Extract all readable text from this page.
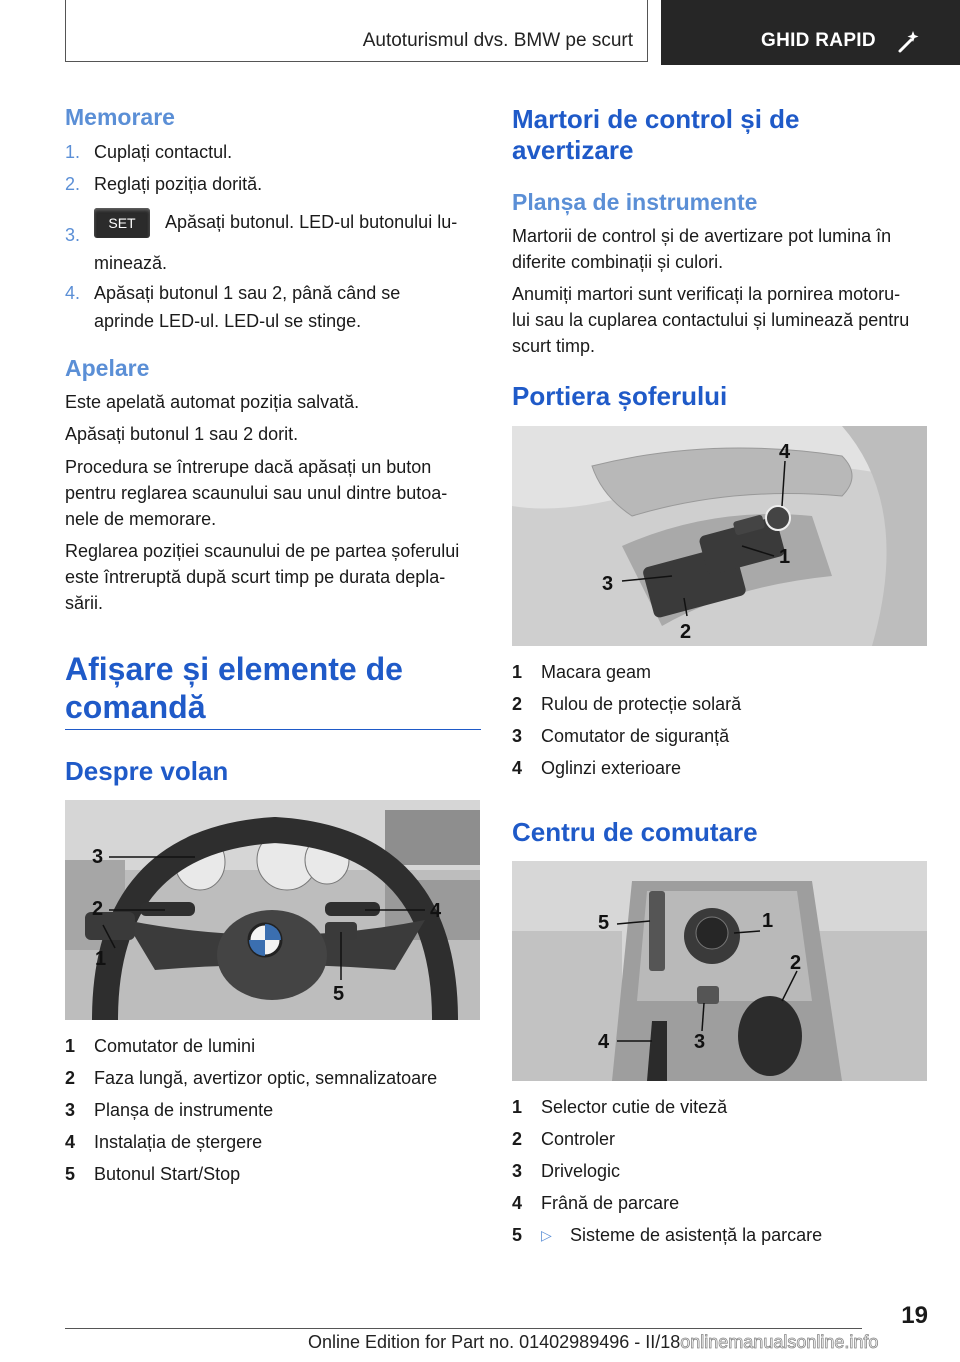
Autoturismul dvs. BMW pe scurt	GHID RAPID
Memorare
1. Cuplați contactul.
2. Reglați poziția dorită.
3.
SET Apăsați butonul. LED-ul butonului lu-
minează.
4. Apăsați butonul 1 sau 2, până când se
aprinde LED-ul. LED-ul se stinge.
Apelare
Este apelată automat poziția salvată.
Apăsați butonul 1 sau 2 dorit.
Procedura se întrerupe dacă apăsați un buton
pentru reglarea scaunului sau unul dintre butoa-
nele de memorare.
Reglarea poziției scaunului de pe partea șoferului
este întreruptă după scurt timp pe durata depla-
sării.
Afișare și elemente de
comandă
Despre volan
3
2
1
4
5
1 Comutator de lumini
2 Faza lungă, avertizor optic, semnalizatoare
3 Planșa de instrumente
4 Instalația de ștergere
5 Butonul Start/Stop
Martori de control și de
avertizare
Planșa de instrumente
Martorii de control și de avertizare pot lumina în
diferite combinații și culori.
Anumiți martori sunt verificați la pornirea motoru-
lui sau la cuplarea contactului și luminează pentru
scurt timp.
Portiera șoferului
4
1
3
2
1 Macara geam
2 Rulou de protecție solară
3 Comutator de siguranță
4 Oglinzi exterioare
Centru de comutare
1
2
3
4
5
1 Selector cutie de viteză
2 Controler
3 Drivelogic
4 Frână de parcare
5 ▷ Sisteme de asistență la parcare
19
Online Edition for Part no. 01402989496 - II/18onlinemanualsonline.info
